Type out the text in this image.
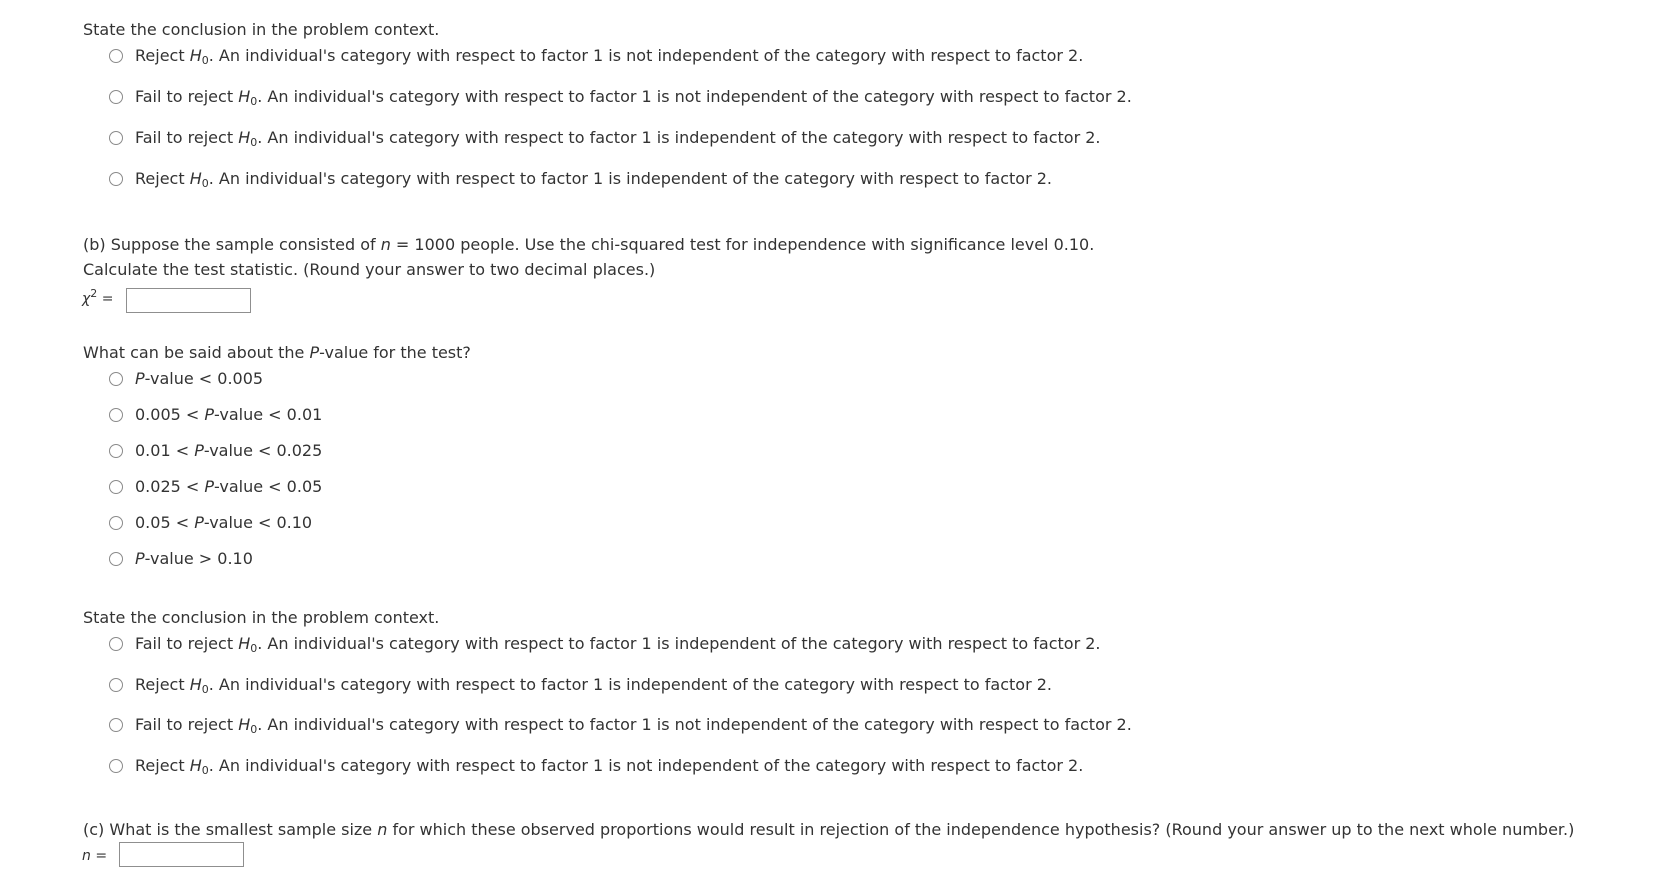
State the conclusion in the problem context.
Reject $H_0$. An individual's category with respect to factor 1 is not independent of the category with respect to factor 2.
Fail to reject $H_0$. An individual's category with respect to factor 1 is not independent of the category with respect to factor 2.
Fail to reject $H_0$. An individual's category with respect to factor 1 is independent of the category with respect to factor 2.
Reject $H_0$. An individual's category with respect to factor 1 is independent of the category with respect to factor 2.
(b) Suppose the sample consisted of n = 1000 people. Use the chi-squared test for independence with significance level 0.10.
Calculate the test statistic. (Round your answer to two decimal places.)
$\chi^2$ =
What can be said about the P-value for the test?
P-value < 0.005
0.005 < P-value < 0.01
0.01 < P-value < 0.025
0.025 < P-value < 0.05
0.05 < P-value < 0.10
P-value > 0.10
State the conclusion in the problem context.
Fail to reject $H_0$. An individual's category with respect to factor 1 is independent of the category with respect to factor 2.
Reject $H_0$. An individual's category with respect to factor 1 is independent of the category with respect to factor 2.
Fail to reject $H_0$. An individual's category with respect to factor 1 is not independent of the category with respect to factor 2.
Reject $H_0$. An individual's category with respect to factor 1 is not independent of the category with respect to factor 2.
(c) What is the smallest sample size n for which these observed proportions would result in rejection of the independence hypothesis? (Round your answer up to the next whole number.)
n =
